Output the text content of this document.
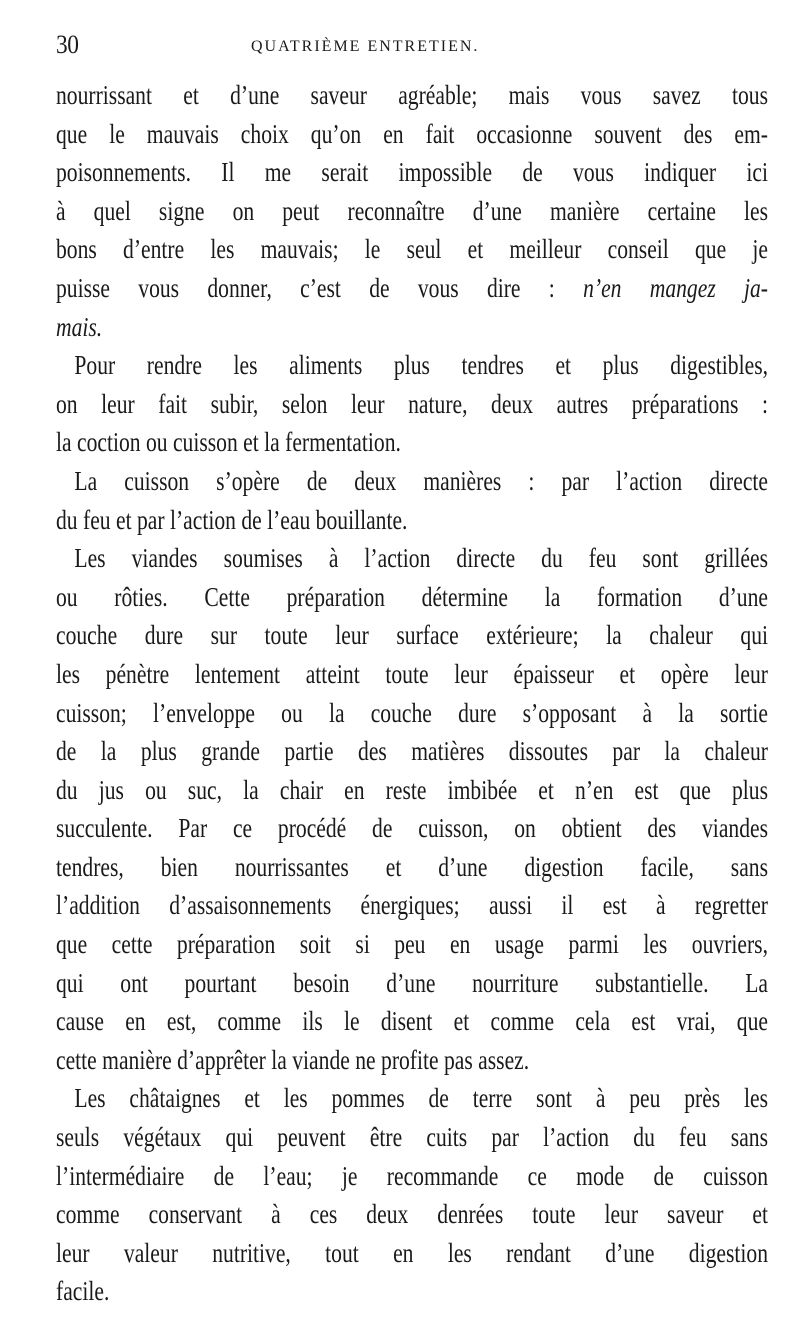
30	QUATRIÈME ENTRETIEN.
nourrissant et d’une saveur agréable; mais vous savez tous
que le mauvais choix qu’on en fait occasionne souvent des em-
poisonnements. Il me serait impossible de vous indiquer ici
à quel signe on peut reconnaître d’une manière certaine les
bons d’entre les mauvais; le seul et meilleur conseil que je
puisse vous donner, c’est de vous dire : n’en mangez ja-
mais.
Pour rendre les aliments plus tendres et plus digestibles,
on leur fait subir, selon leur nature, deux autres préparations :
la coction ou cuisson et la fermentation.
La cuisson s’opère de deux manières : par l’action directe
du feu et par l’action de l’eau bouillante.
Les viandes soumises à l’action directe du feu sont grillées
ou rôties. Cette préparation détermine la formation d’une
couche dure sur toute leur surface extérieure; la chaleur qui
les pénètre lentement atteint toute leur épaisseur et opère leur
cuisson; l’enveloppe ou la couche dure s’opposant à la sortie
de la plus grande partie des matières dissoutes par la chaleur
du jus ou suc, la chair en reste imbibée et n’en est que plus
succulente. Par ce procédé de cuisson, on obtient des viandes
tendres, bien nourrissantes et d’une digestion facile, sans
l’addition d’assaisonnements énergiques; aussi il est à regretter
que cette préparation soit si peu en usage parmi les ouvriers,
qui ont pourtant besoin d’une nourriture substantielle. La
cause en est, comme ils le disent et comme cela est vrai, que
cette manière d’apprêter la viande ne profite pas assez.
Les châtaignes et les pommes de terre sont à peu près les
seuls végétaux qui peuvent être cuits par l’action du feu sans
l’intermédiaire de l’eau; je recommande ce mode de cuisson
comme conservant à ces deux denrées toute leur saveur et
leur valeur nutritive, tout en les rendant d’une digestion
facile.
